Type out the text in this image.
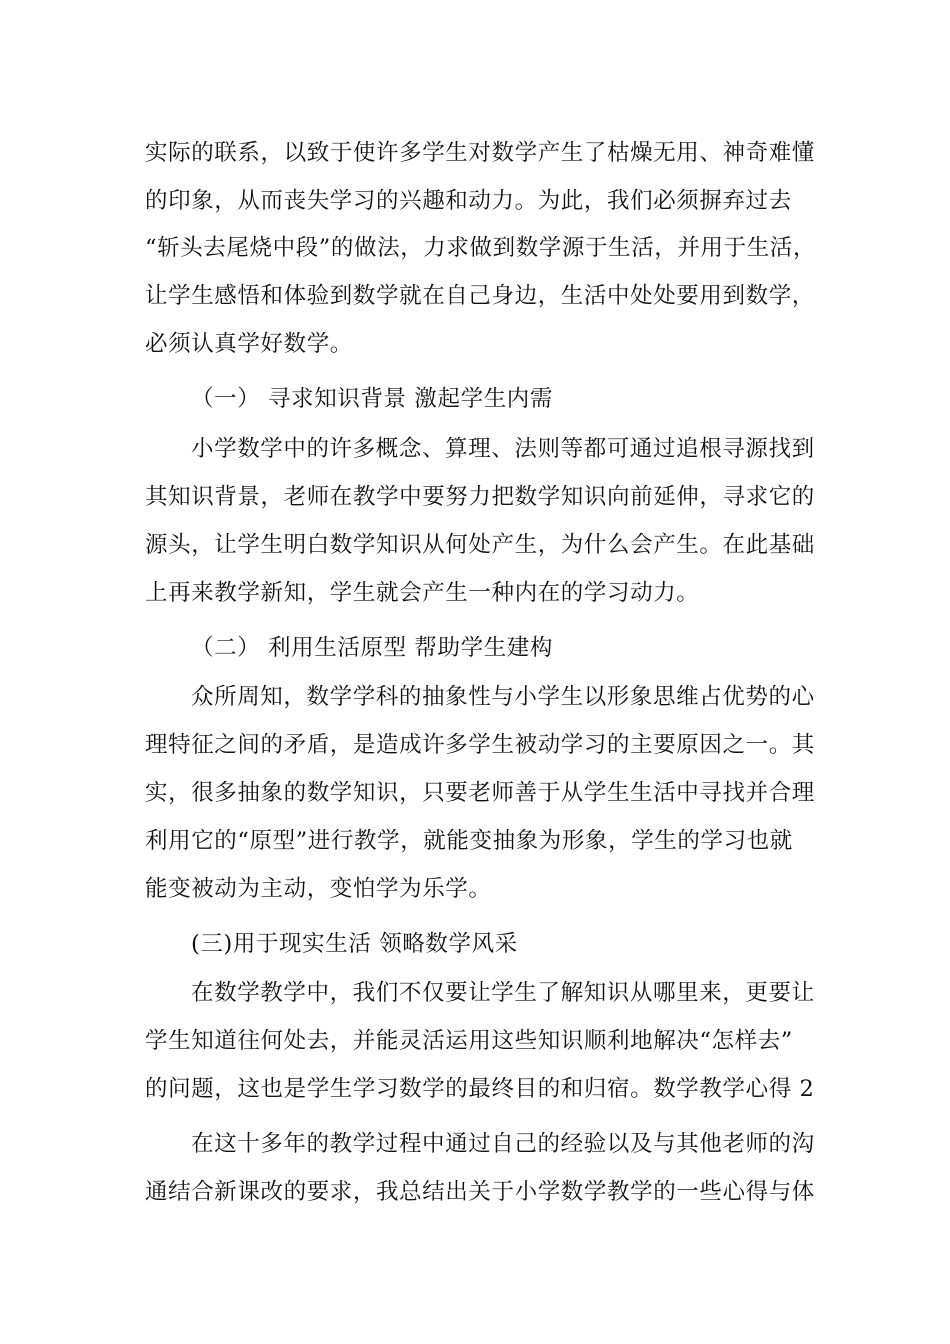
实际的联系，以致于使许多学生对数学产生了枯燥无用、神奇难懂
的印象，从而丧失学习的兴趣和动力。为此，我们必须摒弃过去
“斩头去尾烧中段”的做法，力求做到数学源于生活，并用于生活，
让学生感悟和体验到数学就在自己身边，生活中处处要用到数学，
必须认真学好数学。
（一） 寻求知识背景 激起学生内需
小学数学中的许多概念、算理、法则等都可通过追根寻源找到
其知识背景，老师在教学中要努力把数学知识向前延伸，寻求它的
源头，让学生明白数学知识从何处产生，为什么会产生。在此基础
上再来教学新知，学生就会产生一种内在的学习动力。
（二） 利用生活原型 帮助学生建构
众所周知，数学学科的抽象性与小学生以形象思维占优势的心
理特征之间的矛盾，是造成许多学生被动学习的主要原因之一。其
实，很多抽象的数学知识，只要老师善于从学生生活中寻找并合理
利用它的“原型”进行教学，就能变抽象为形象，学生的学习也就
能变被动为主动，变怕学为乐学。
(三)用于现实生活 领略数学风采
在数学教学中，我们不仅要让学生了解知识从哪里来，更要让
学生知道往何处去，并能灵活运用这些知识顺利地解决“怎样去”
的问题，这也是学生学习数学的最终目的和归宿。数学教学心得 2
在这十多年的教学过程中通过自己的经验以及与其他老师的沟
通结合新课改的要求，我总结出关于小学数学教学的一些心得与体
